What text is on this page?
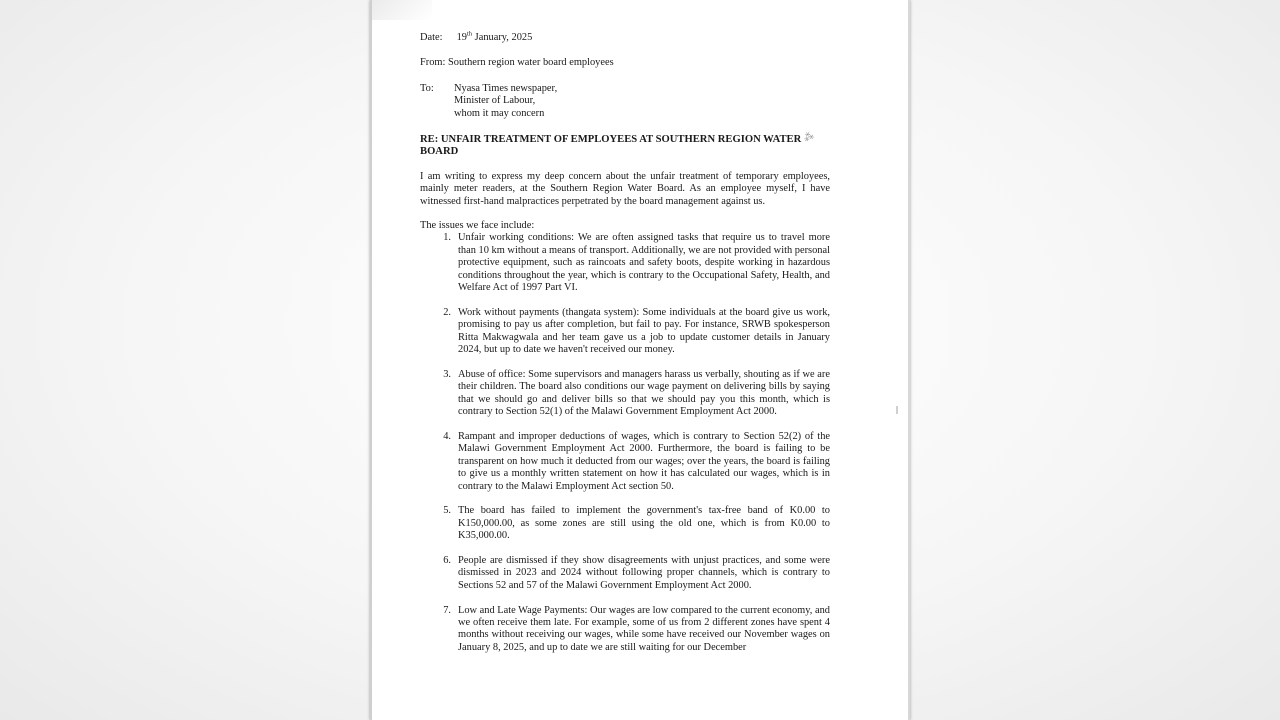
⁂
Date: 19th January, 2025
From: Southern region water board employees
To:	Nyasa Times newspaper,
Minister of Labour,
whom it may concern
RE: UNFAIR TREATMENT OF EMPLOYEES AT SOUTHERN REGION WATER BOARD

I am writing to express my deep concern about the unfair treatment of temporary employees, mainly meter readers, at the Southern Region Water Board. As an employee myself, I have witnessed first-hand malpractices perpetrated by the board management against us.

The issues we face include:

1. Unfair working conditions: We are often assigned tasks that require us to travel more than 10 km without a means of transport. Additionally, we are not provided with personal protective equipment, such as raincoats and safety boots, despite working in hazardous conditions throughout the year, which is contrary to the Occupational Safety, Health, and Welfare Act of 1997 Part VI.
2. Work without payments (thangata system): Some individuals at the board give us work, promising to pay us after completion, but fail to pay. For instance, SRWB spokesperson Ritta Makwagwala and her team gave us a job to update customer details in January 2024, but up to date we haven't received our money.
3. Abuse of office: Some supervisors and managers harass us verbally, shouting as if we are their children. The board also conditions our wage payment on delivering bills by saying that we should go and deliver bills so that we should pay you this month, which is contrary to Section 52(1) of the Malawi Government Employment Act 2000.
4. Rampant and improper deductions of wages, which is contrary to Section 52(2) of the Malawi Government Employment Act 2000. Furthermore, the board is failing to be transparent on how much it deducted from our wages; over the years, the board is failing to give us a monthly written statement on how it has calculated our wages, which is in contrary to the Malawi Employment Act section 50.
5. The board has failed to implement the government's tax-free band of K0.00 to K150,000.00, as some zones are still using the old one, which is from K0.00 to K35,000.00.
6. People are dismissed if they show disagreements with unjust practices, and some were dismissed in 2023 and 2024 without following proper channels, which is contrary to Sections 52 and 57 of the Malawi Government Employment Act 2000.
7. Low and Late Wage Payments: Our wages are low compared to the current economy, and we often receive them late. For example, some of us from 2 different zones have spent 4 months without receiving our wages, while some have received our November wages on January 8, 2025, and up to date we are still waiting for our December
